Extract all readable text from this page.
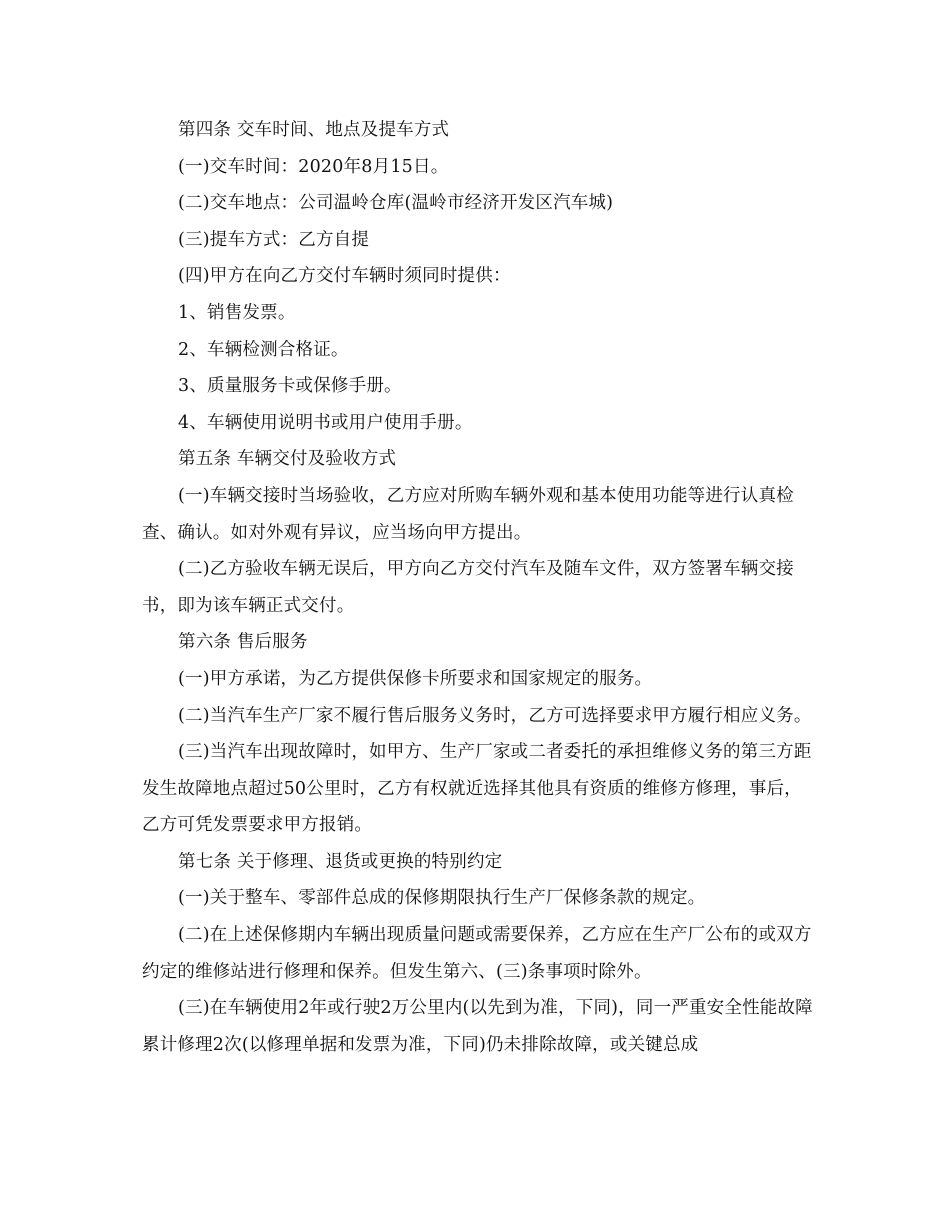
第四条 交车时间、地点及提车方式

(一)交车时间：2020年8月15日。

(二)交车地点：公司温岭仓库(温岭市经济开发区汽车城)

(三)提车方式：乙方自提

(四)甲方在向乙方交付车辆时须同时提供：

1、销售发票。

2、车辆检测合格证。

3、质量服务卡或保修手册。

4、车辆使用说明书或用户使用手册。

第五条 车辆交付及验收方式

(一)车辆交接时当场验收，乙方应对所购车辆外观和基本使用功能等进行认真检查、确认。如对外观有异议，应当场向甲方提出。

(二)乙方验收车辆无误后，甲方向乙方交付汽车及随车文件，双方签署车辆交接书，即为该车辆正式交付。

第六条 售后服务

(一)甲方承诺，为乙方提供保修卡所要求和国家规定的服务。

(二)当汽车生产厂家不履行售后服务义务时，乙方可选择要求甲方履行相应义务。

(三)当汽车出现故障时，如甲方、生产厂家或二者委托的承担维修义务的第三方距发生故障地点超过50公里时，乙方有权就近选择其他具有资质的维修方修理，事后，乙方可凭发票要求甲方报销。

第七条 关于修理、退货或更换的特别约定

(一)关于整车、零部件总成的保修期限执行生产厂保修条款的规定。

(二)在上述保修期内车辆出现质量问题或需要保养，乙方应在生产厂公布的或双方约定的维修站进行修理和保养。但发生第六、(三)条事项时除外。

(三)在车辆使用2年或行驶2万公里内(以先到为准，下同)，同一严重安全性能故障累计修理2次(以修理单据和发票为准，下同)仍未排除故障，或关键总成
